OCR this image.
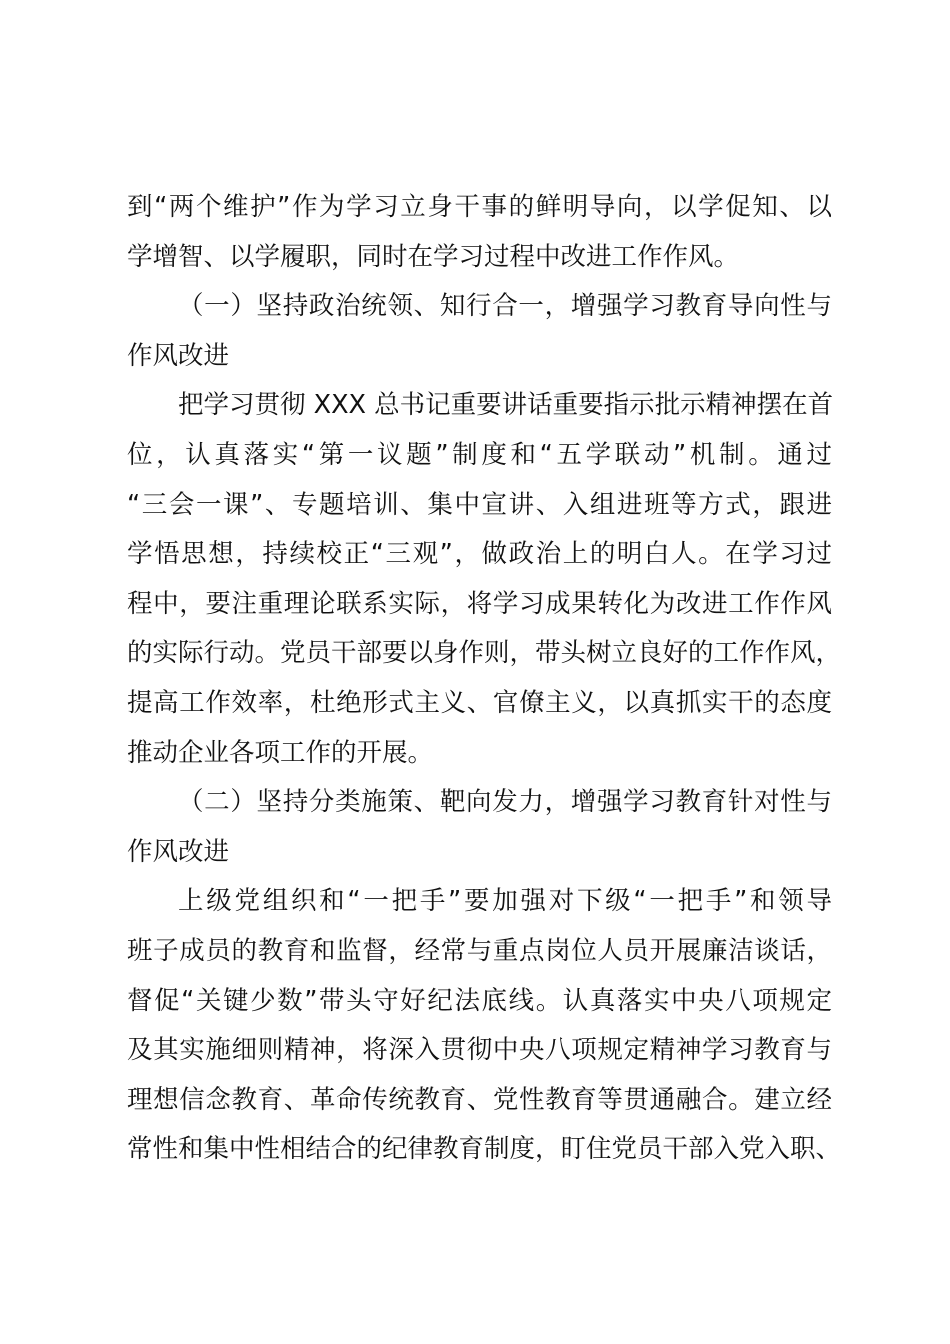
到“两个维护”作为学习立身干事的鲜明导向，以学促知、以
学增智、以学履职，同时在学习过程中改进工作作风。
（一）坚持政治统领、知行合一，增强学习教育导向性与
作风改进
把学习贯彻 XXX 总书记重要讲话重要指示批示精神摆在首
位，认真落实“第一议题”制度和“五学联动”机制。通过
“三会一课”、专题培训、集中宣讲、入组进班等方式，跟进
学悟思想，持续校正“三观”，做政治上的明白人。在学习过
程中，要注重理论联系实际，将学习成果转化为改进工作作风
的实际行动。党员干部要以身作则，带头树立良好的工作作风，
提高工作效率，杜绝形式主义、官僚主义，以真抓实干的态度
推动企业各项工作的开展。
（二）坚持分类施策、靶向发力，增强学习教育针对性与
作风改进
上级党组织和“一把手”要加强对下级“一把手”和领导
班子成员的教育和监督，经常与重点岗位人员开展廉洁谈话，
督促“关键少数”带头守好纪法底线。认真落实中央八项规定
及其实施细则精神，将深入贯彻中央八项规定精神学习教育与
理想信念教育、革命传统教育、党性教育等贯通融合。建立经
常性和集中性相结合的纪律教育制度，盯住党员干部入党入职、
